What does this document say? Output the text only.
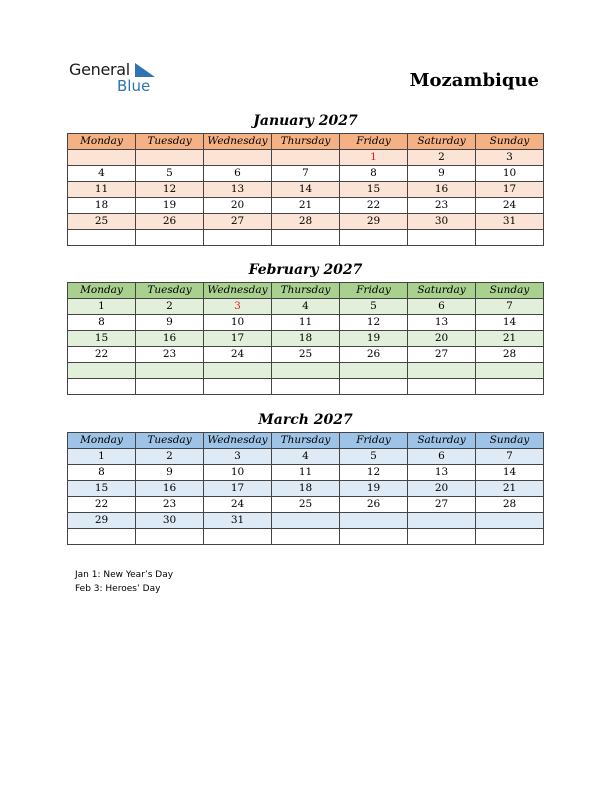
General
Blue	Mozambique
January 2027
Monday	Tuesday	Wednesday	Thursday	Friday	Saturday	Sunday
				1	2	3
4	5	6	7	8	9	10
11	12	13	14	15	16	17
18	19	20	21	22	23	24
25	26	27	28	29	30	31

February 2027
Monday	Tuesday	Wednesday	Thursday	Friday	Saturday	Sunday
1	2	3	4	5	6	7
8	9	10	11	12	13	14
15	16	17	18	19	20	21
22	23	24	25	26	27	28

March 2027
Monday	Tuesday	Wednesday	Thursday	Friday	Saturday	Sunday
1	2	3	4	5	6	7
8	9	10	11	12	13	14
15	16	17	18	19	20	21
22	23	24	25	26	27	28
29	30	31				

Jan 1: New Year’s Day
Feb 3: Heroes’ Day
